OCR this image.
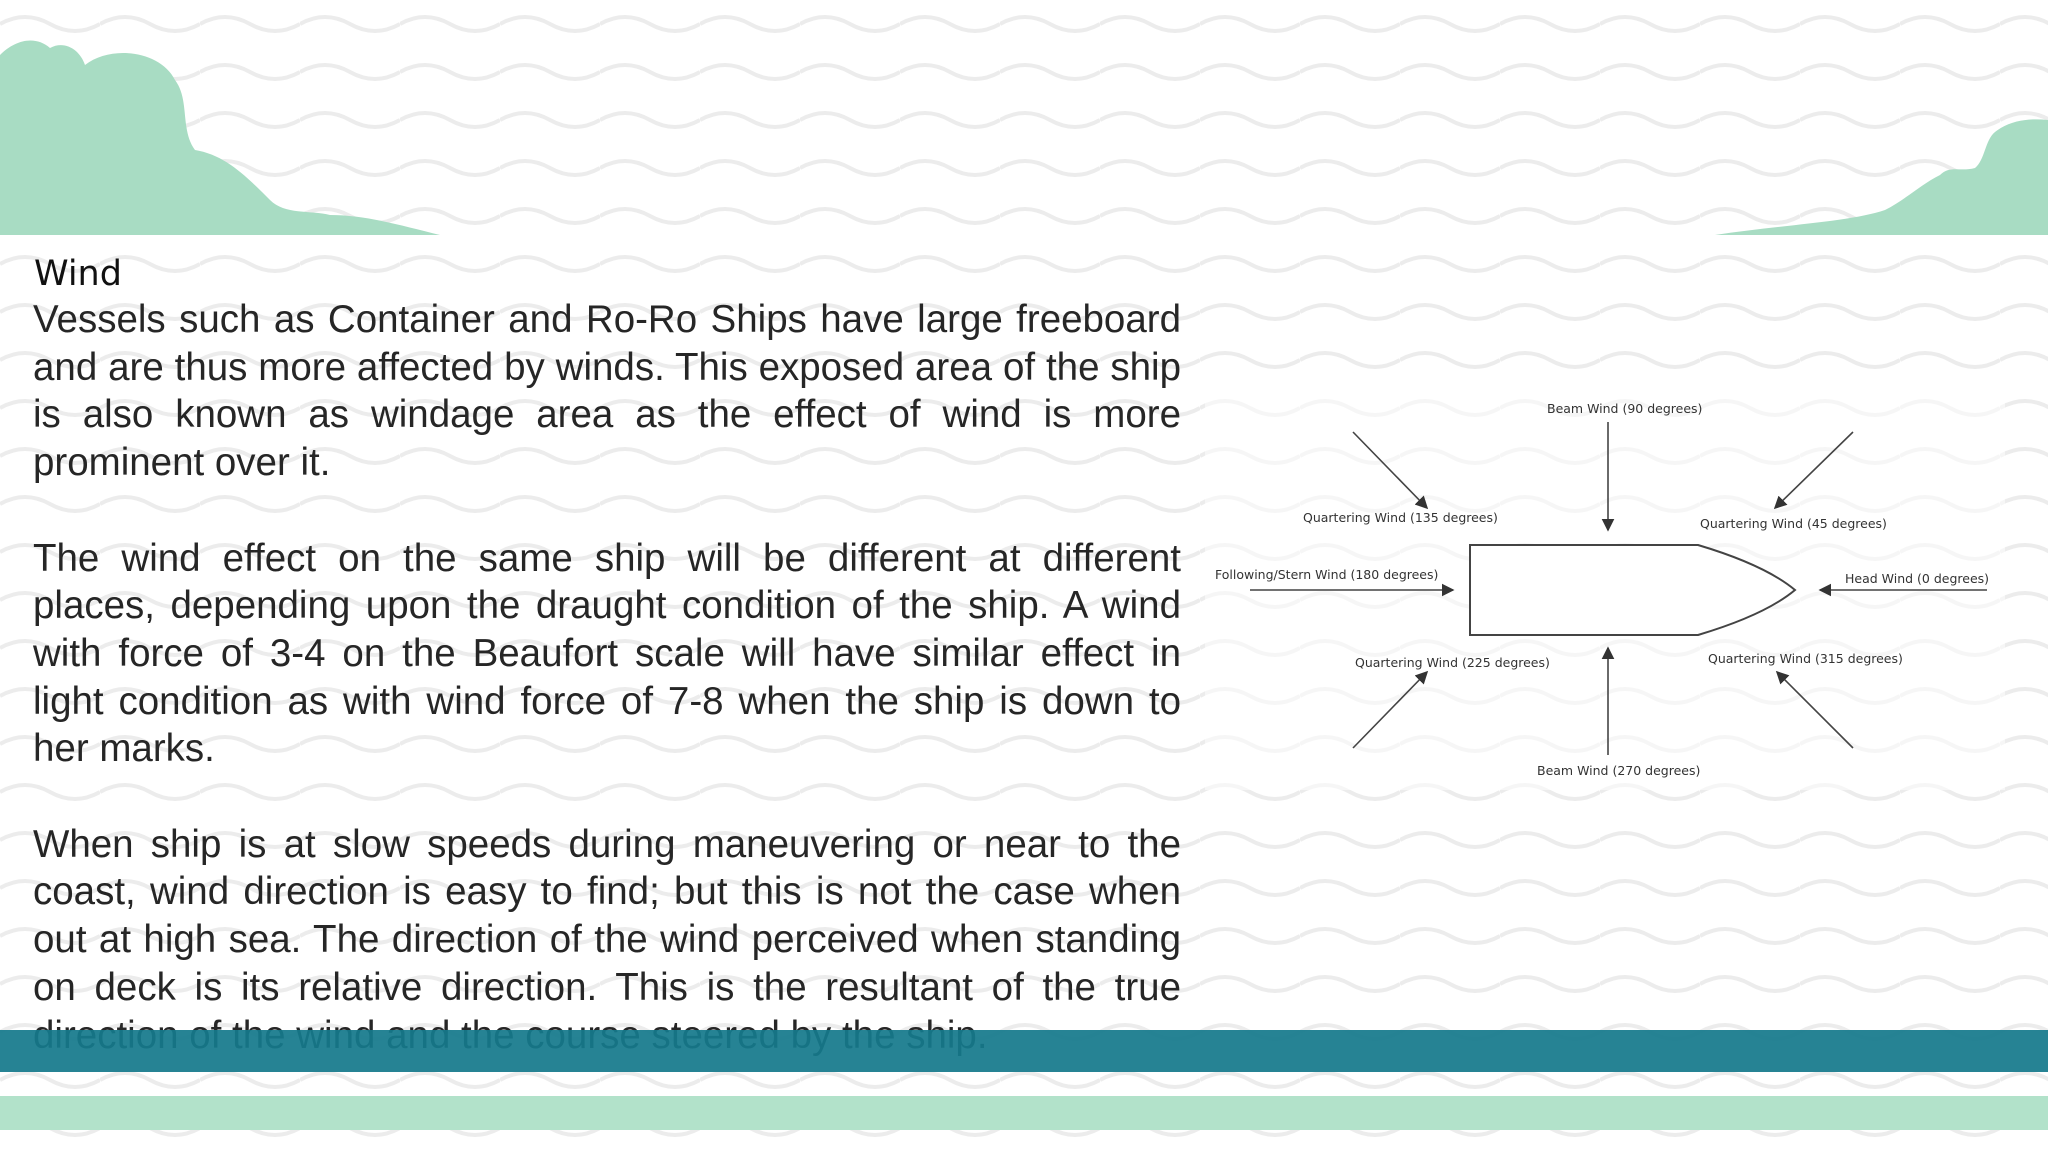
Wind

Vessels such as Container and Ro-Ro Ships have large freeboard and are thus more affected by winds. This exposed area of the ship is also known as windage area as the effect of wind is more prominent over it.

The wind effect on the same ship will be different at different places, depending upon the draught condition of the ship. A wind with force of 3-4 on the Beaufort scale will have similar effect in light condition as with wind force of 7-8 when the ship is down to her marks.

When ship is at slow speeds during maneuvering or near to the coast, wind direction is easy to find; but this is not the case when out at high sea. The direction of the wind perceived when standing on deck is its relative direction. This is the resultant of the true

Beam Wind (90 degrees)
Quartering Wind (135 degrees)	Quartering Wind (45 degrees)
Following/Stern Wind (180 degrees)	Head Wind (0 degrees)
Quartering Wind (225 degrees)	Quartering Wind (315 degrees)
Beam Wind (270 degrees)
